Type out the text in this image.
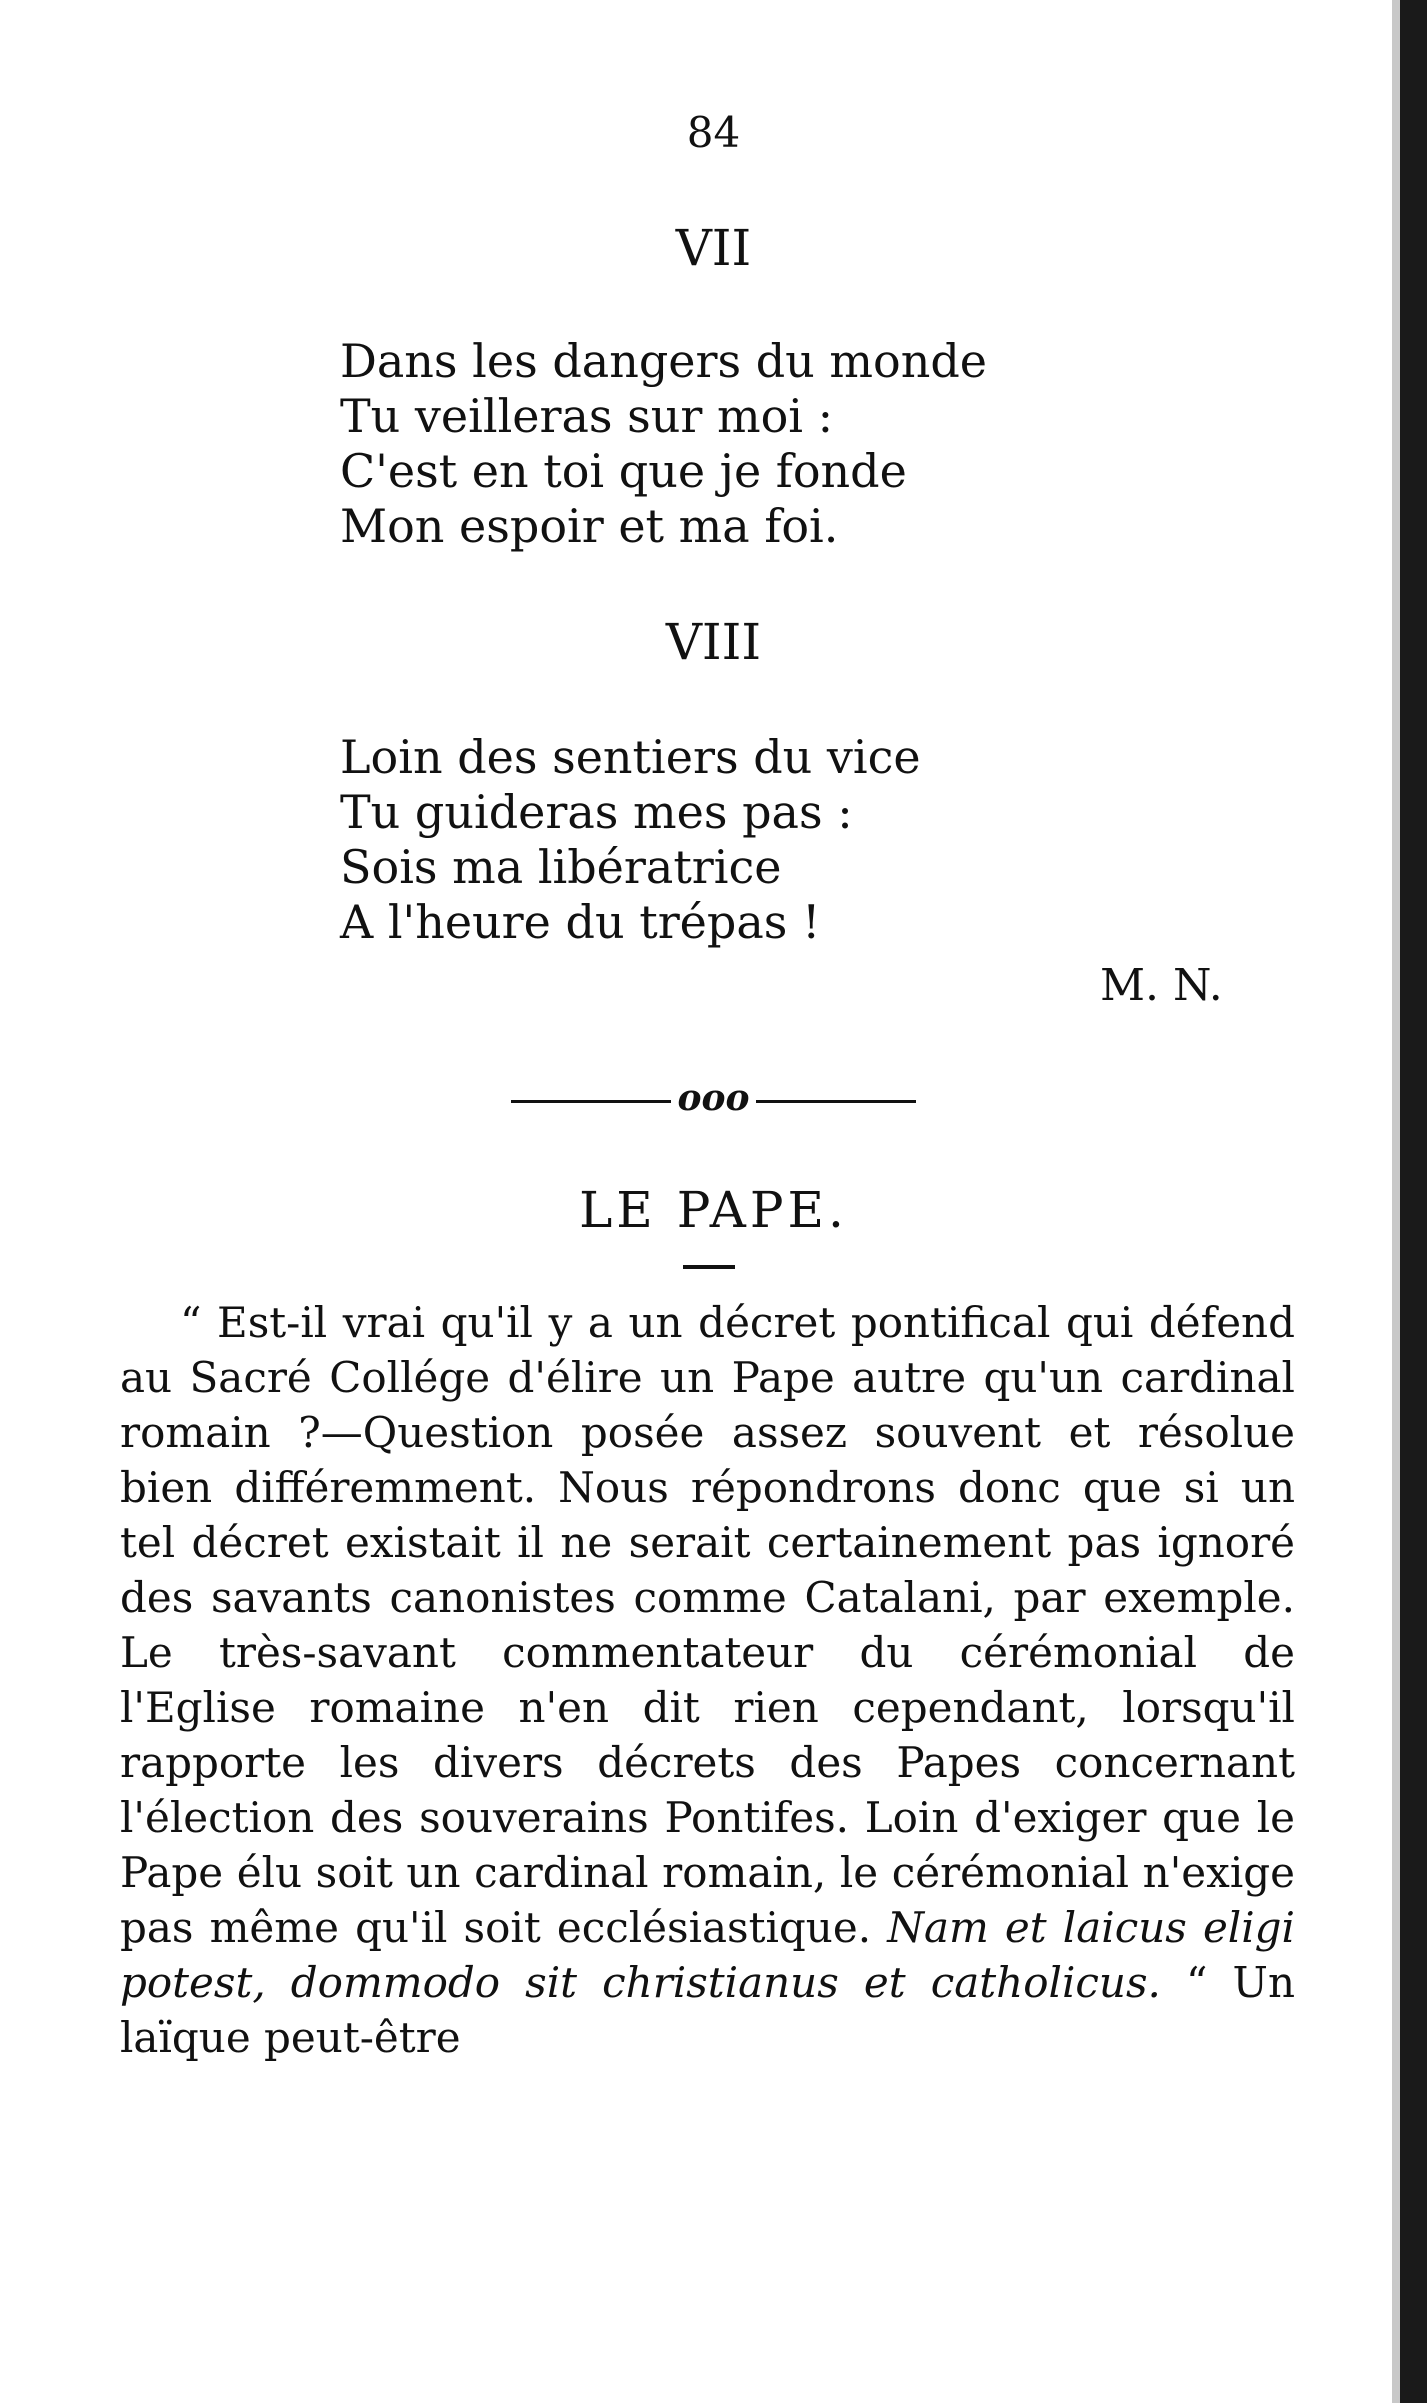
84
VII
Dans les dangers du monde
Tu veilleras sur moi :
C'est en toi que je fonde
Mon espoir et ma foi.
VIII
Loin des sentiers du vice
Tu guideras mes pas :
Sois ma libératrice
A l'heure du trépas !
M. N.
ooo
LE PAPE.

“ Est-il vrai qu'il y a un décret pontifical qui défend au Sacré Collége d'élire un Pape autre qu'un cardinal romain ?—Question posée assez souvent et résolue bien différemment. Nous répondrons donc que si un tel décret existait il ne serait certainement pas ignoré des savants canonistes comme Catalani, par exemple. Le très-savant commentateur du cérémonial de l'Eglise romaine n'en dit rien cependant, lorsqu'il rapporte les divers décrets des Papes concernant l'élection des souverains Pontifes. Loin d'exiger que le Pape élu soit un cardinal romain, le cérémonial n'exige pas même qu'il soit ecclésiastique. Nam et laicus eligi potest, dommodo sit christianus et catholicus. “ Un laïque peut-être
